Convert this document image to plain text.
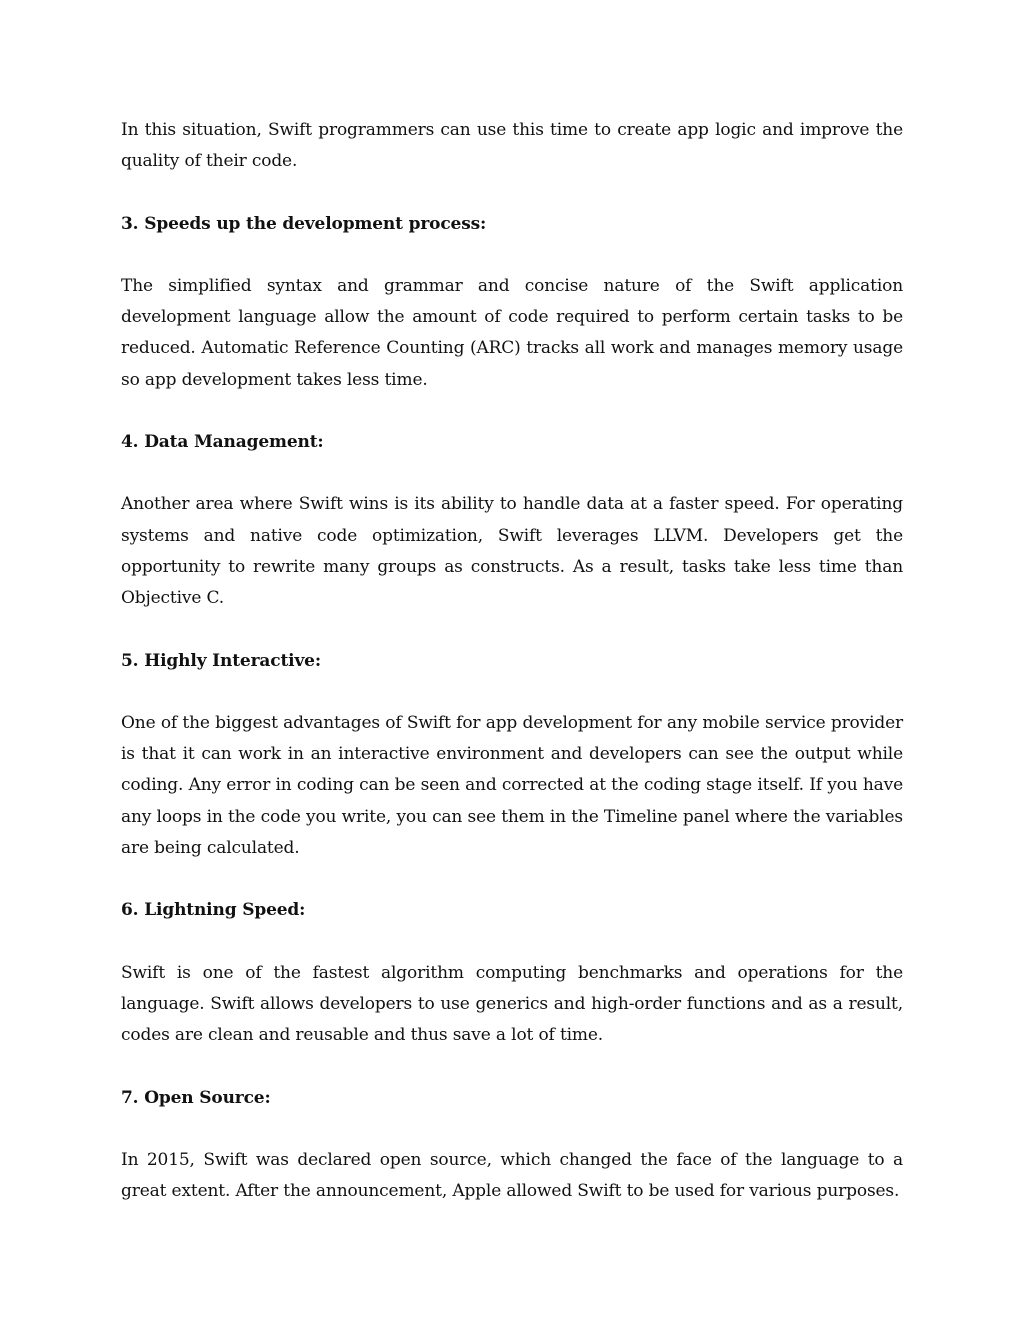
In this situation, Swift programmers can use this time to create app logic and improve the quality of their code.

3. Speeds up the development process:

The simplified syntax and grammar and concise nature of the Swift application development language allow the amount of code required to perform certain tasks to be reduced. Automatic Reference Counting (ARC) tracks all work and manages memory usage so app development takes less time.

4. Data Management:

Another area where Swift wins is its ability to handle data at a faster speed. For operating systems and native code optimization, Swift leverages LLVM. Developers get the opportunity to rewrite many groups as constructs. As a result, tasks take less time than Objective C.

5. Highly Interactive:

One of the biggest advantages of Swift for app development for any mobile service provider is that it can work in an interactive environment and developers can see the output while coding. Any error in coding can be seen and corrected at the coding stage itself. If you have any loops in the code you write, you can see them in the Timeline panel where the variables are being calculated.

6. Lightning Speed:

Swift is one of the fastest algorithm computing benchmarks and operations for the language. Swift allows developers to use generics and high-order functions and as a result, codes are clean and reusable and thus save a lot of time.

7. Open Source:

In 2015, Swift was declared open source, which changed the face of the language to a great extent. After the announcement, Apple allowed Swift to be used for various purposes.
